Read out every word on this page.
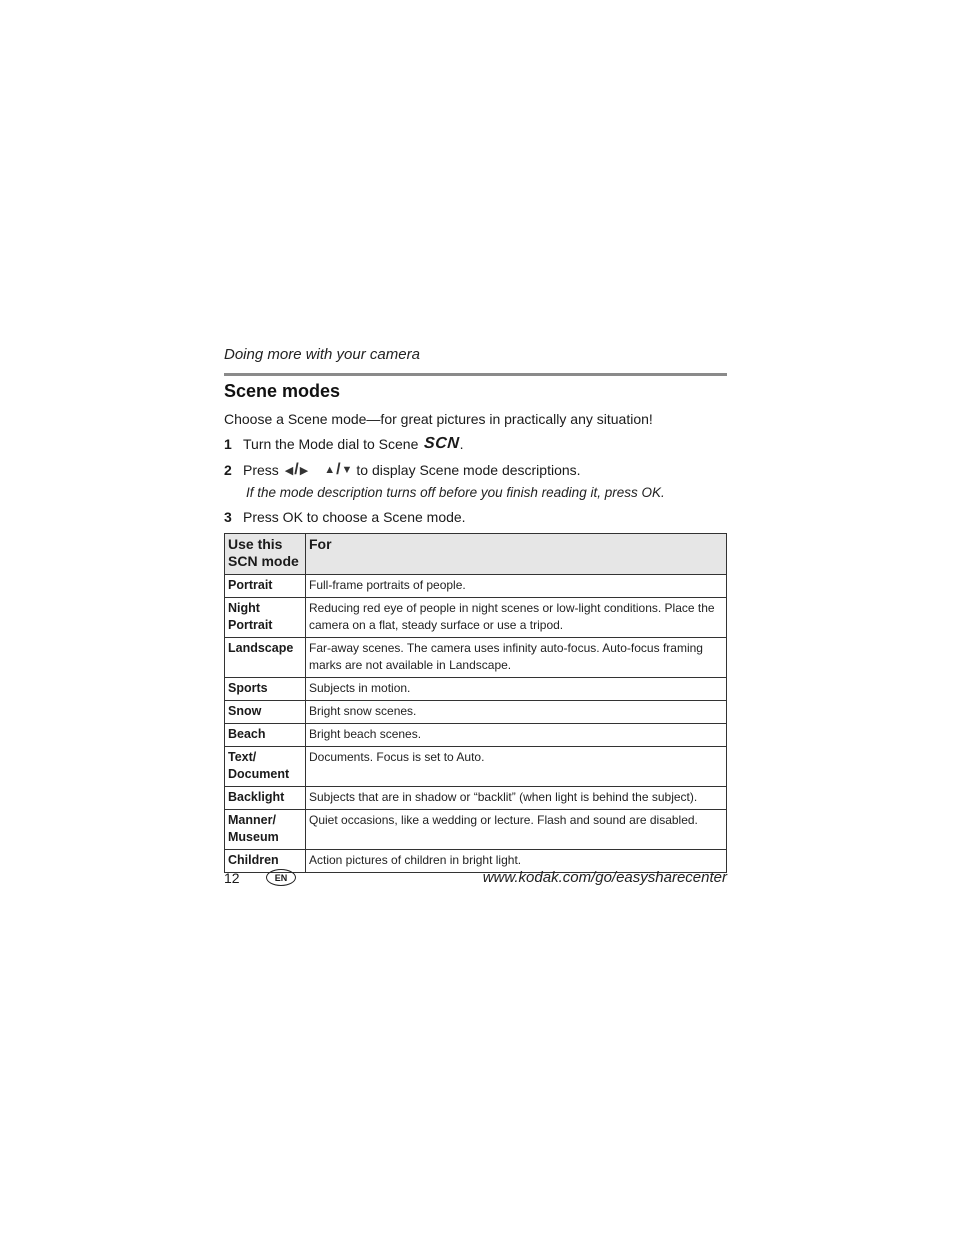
Doing more with your camera
Scene modes
Choose a Scene mode—for great pictures in practically any situation!
1 Turn the Mode dial to Scene SCN .
2 Press ◀ / ▶ ▲ / ▼ to display Scene mode descriptions.
If the mode description turns off before you finish reading it, press OK.
3 Press OK to choose a Scene mode.
Use this SCN mode	For
Portrait	Full-frame portraits of people.
Night Portrait	Reducing red eye of people in night scenes or low-light conditions. Place the camera on a flat, steady surface or use a tripod.
Landscape	Far-away scenes. The camera uses infinity auto-focus. Auto-focus framing marks are not available in Landscape.
Sports	Subjects in motion.
Snow	Bright snow scenes.
Beach	Bright beach scenes.
Text/ Document	Documents. Focus is set to Auto.
Backlight	Subjects that are in shadow or “backlit” (when light is behind the subject).
Manner/ Museum	Quiet occasions, like a wedding or lecture. Flash and sound are disabled.
Children	Action pictures of children in bright light.
12	EN	www.kodak.com/go/easysharecenter
